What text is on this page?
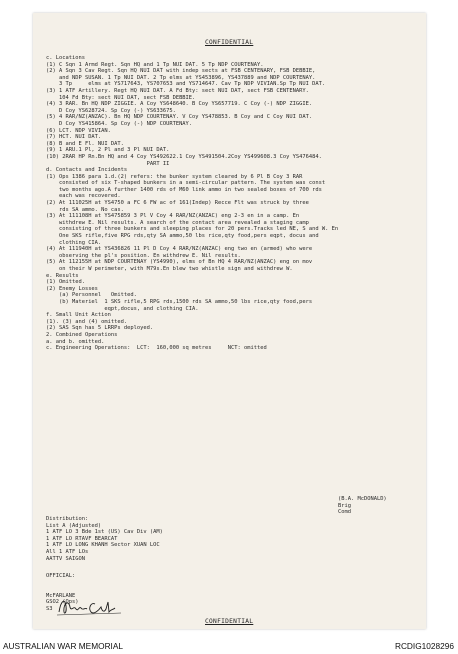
CONFIDENTIAL
c. Locations
(1) C Sqn 1 Armd Regt. Sqn HQ and 1 Tp NUI DAT. 5 Tp NDP COURTENAY.
(2) A Sqn 3 Cav Regt. Sqn HQ NUI DAT with indep sects at FSB CENTENARY, FSB DEBBIE,
and NDP SUSAN. 1 Tp NUI DAT. 2 Tp elms at YS453896, YS437889 and NDP COURTENAY.
3 Tp     elms at YS717643, YS707653 and YS714647. Cav Tp NDP VIVIAN.Sp Tp NUI DAT.
(3) 1 ATF Artillery. Regt HQ NUI DAT. A Fd Bty: sect NUI DAT, sect FSB CENTENARY.
104 Fd Bty: sect NUI DAT, sect FSB DEBBIE.
(4) 3 RAR. Bn HQ NDP ZIGGIE. A Coy YS648640. B Coy YS657719. C Coy (-) NDP ZIGGIE.
D Coy YS628724. Sp Coy (-) YS633675.
(5) 4 RAR/NZ(ANZAC). Bn HQ NDP COURTENAY. V Coy YS478853. B Coy and C Coy NUI DAT.
D Coy YS415864. Sp Coy (-) NDP COURTENAY.
(6) LCT. NDP VIVIAN.
(7) HCT. NUI DAT.
(8) B and E Fl. NUI DAT.
(9) 1 ARU.1 Pl, 2 Pl and 3 Pl NUI DAT.
(10) 2RAR HP Rn.Bn HQ and 4 Coy YS492622.1 Coy YS491504.2Coy YS499608.3 Coy YS476484.
PART II
d. Contacts and Incidents
(1) Ops 1386 para 1.d.(2) refers: the bunker system cleared by 6 Pl B Coy 3 RAR
consisted of six T-shaped bunkers in a semi-circular pattern. The system was const
two months ago.A further 1400 rds of M60 link ammo in two sealed boxes of 700 rds
each was recovered.
(2) At 111025H at YS4750 a FC 6 FW ac of 161(Indep) Recce Flt was struck by three
rds SA ammo. No cas.
(3) At 111108H at YS475859 3 Pl V Coy 4 RAR/NZ(ANZAC) eng 2-3 en in a camp. En
withdrew E. Nil results. A search of the contact area revealed a staging camp
consisting of three bunkers and sleeping places for 20 pers.Tracks led NE, S and W. En
One SKS rifle,five RPG rds,qty SA ammo,50 lbs rice,qty food,pers eqpt, docus and
clothing CIA.
(4) At 111940H at YS436826 11 Pl D Coy 4 RAR/NZ(ANZAC) eng two en (armed) who were
observing the pl's position. En withdrew E. Nil results.
(5) At 112155H at NDP COURTENAY (YS4990), elms of Bn HQ 4 RAR/NZ(ANZAC) eng on mov
on their W perimeter, with M79s.En blew two whistle sign and withdrew W.
e. Results
(1) Omitted.
(2) Enemy Losses
(a) Personnel   Omitted.
(b) Materiel  1 SKS rifle,5 RPG rds,1500 rds SA ammo,50 lbs rice,qty food,pers
eqpt,docus, and clothing CIA.
f. Small Unit Action
(1). (3) and (4) omitted.
(2) SAS Sqn has 5 LRRPs deployed.
2. Combined Operations
a. and b. omitted.
c. Engineering Operations:  LCT:  160,000 sq metres     NCT: omitted
(B.A. McDONALD)
Brig
Comd
Distribution:
List A (Adjusted)
1 ATF LO 3 Bde 1st (US) Cav Div (AM)
1 ATF LO RTAVF BEARCAT
1 ATF LO LONG KHANH Sector XUAN LOC
All 1 ATF LOs
AATTV SAIGON
OFFICIAL:

McFARLANE
GSO2 (Ops)
S3
CONFIDENTIAL
AUSTRALIAN WAR MEMORIAL	RCDIG1028296
